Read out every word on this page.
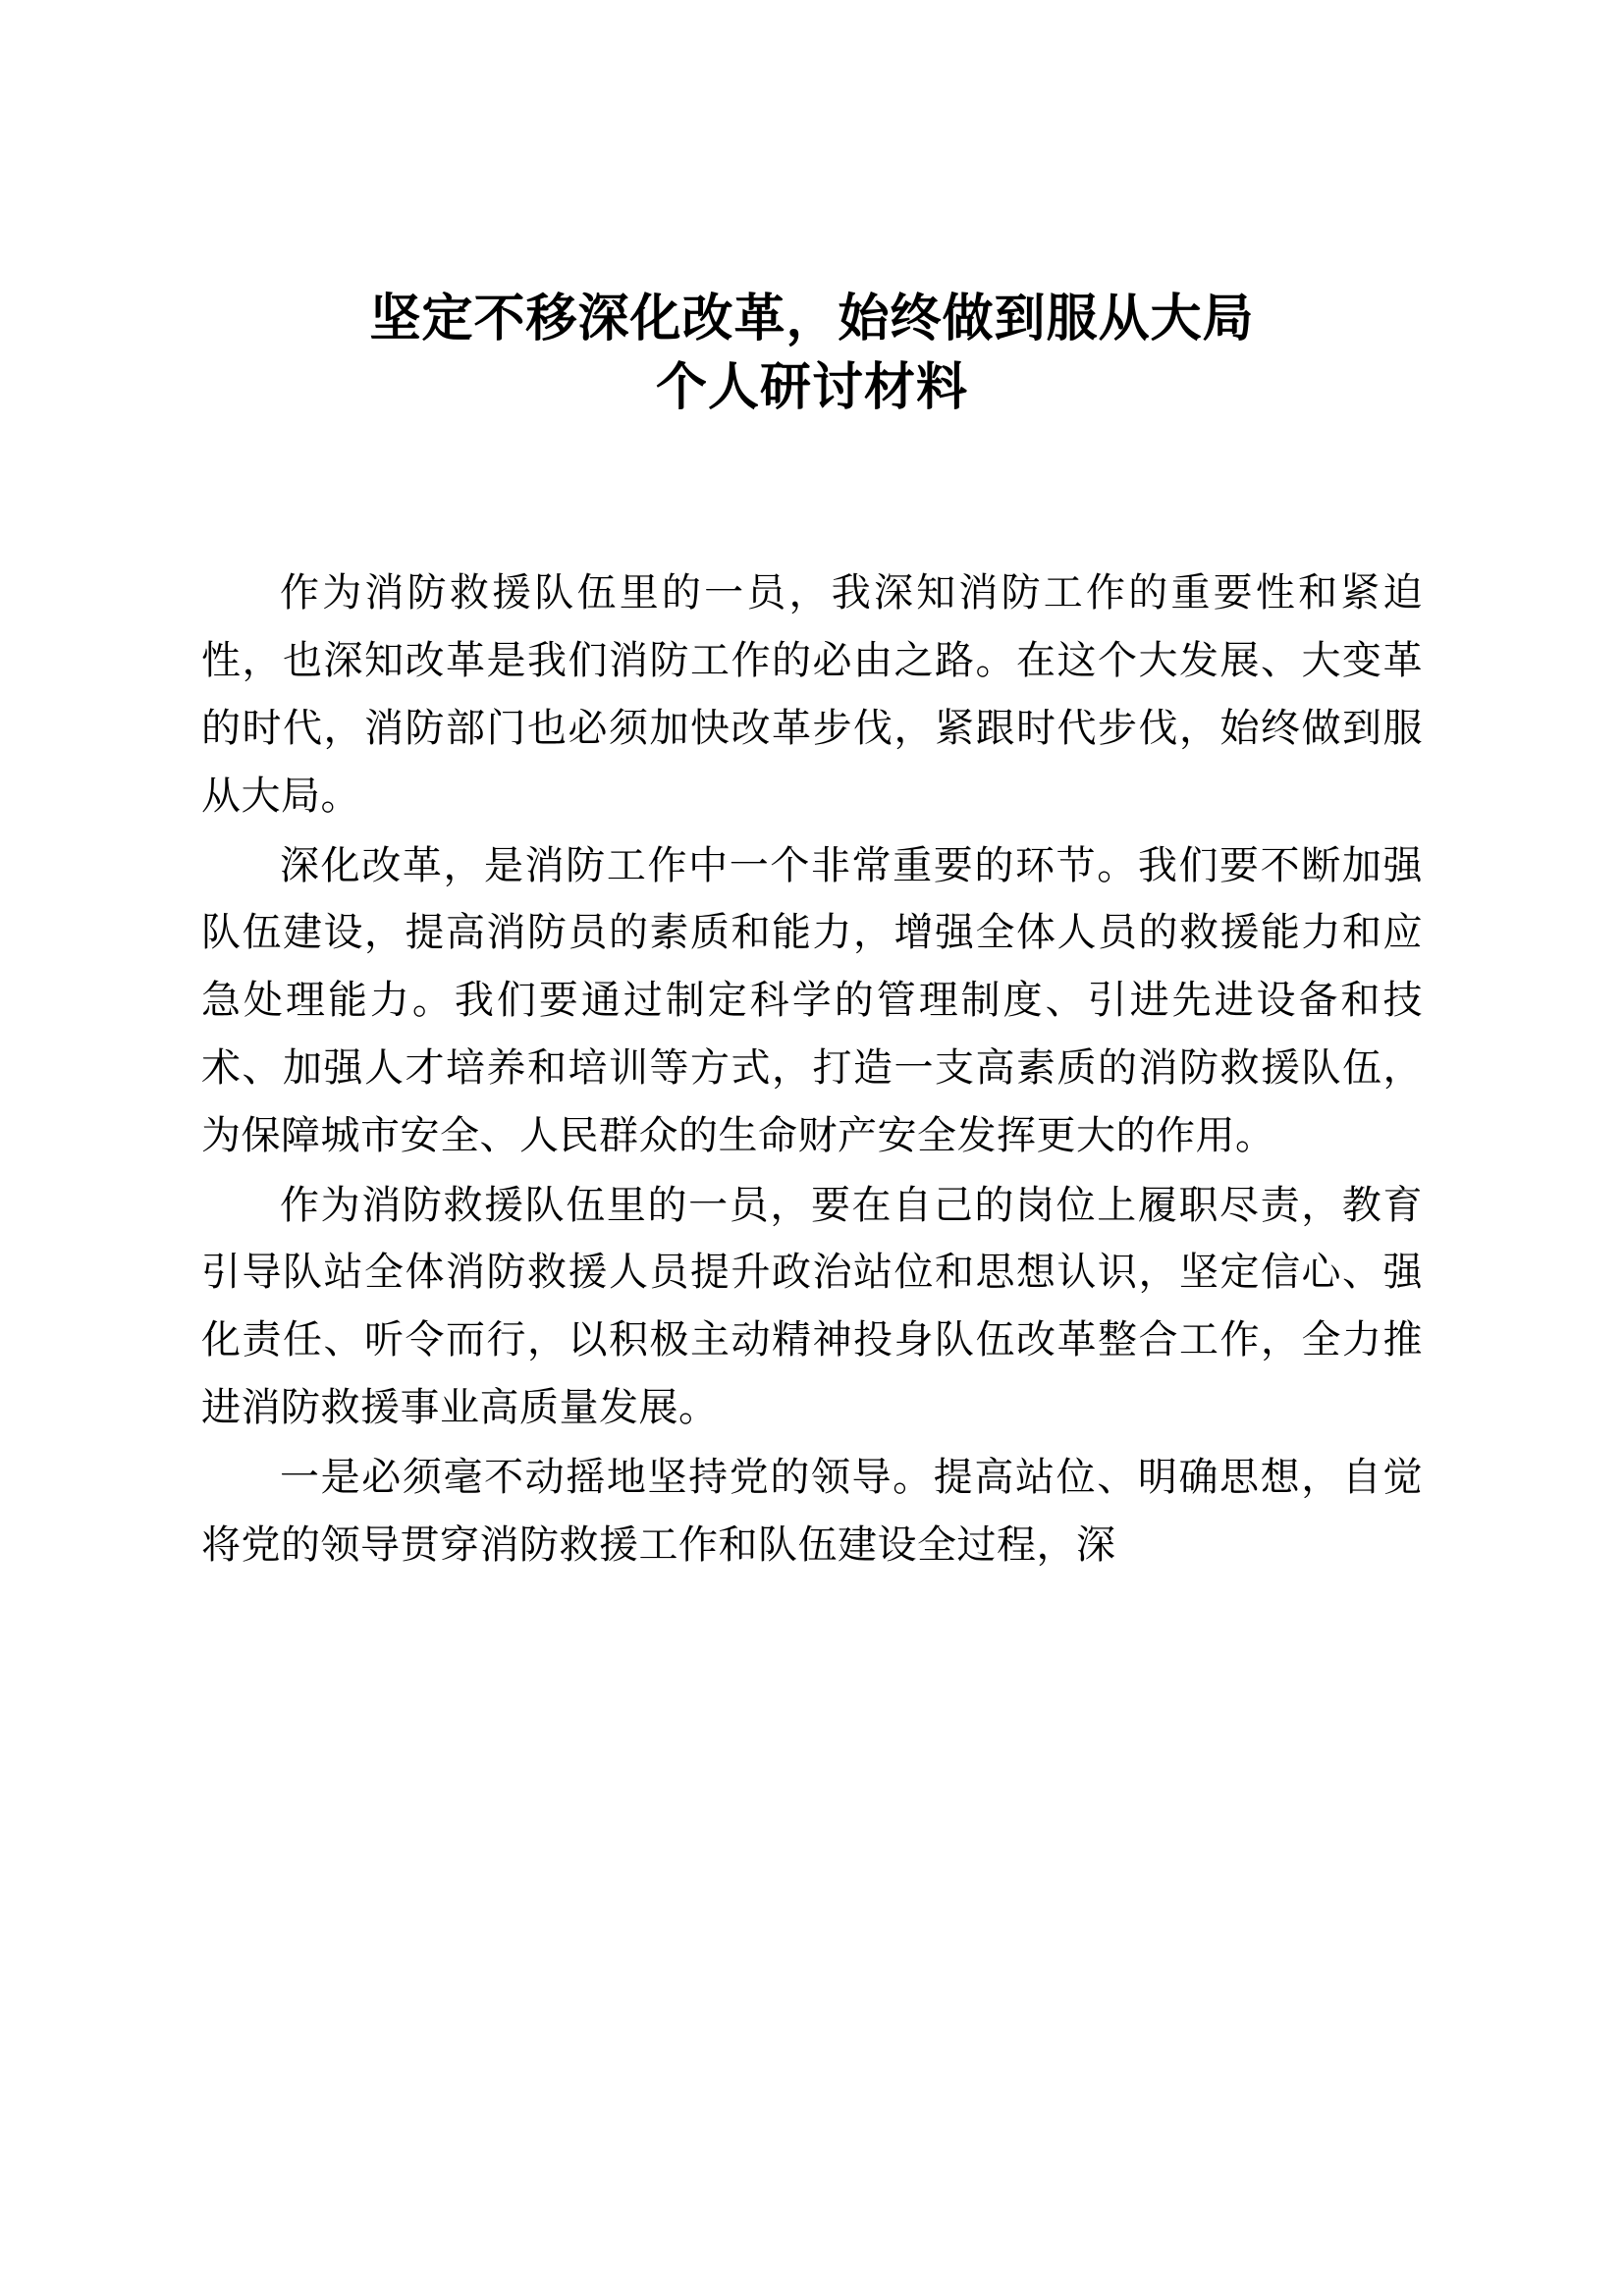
坚定不移深化改革，始终做到服从大局
个人研讨材料

作为消防救援队伍里的一员，我深知消防工作的重要性和紧迫性，也深知改革是我们消防工作的必由之路。在这个大发展、大变革的时代，消防部门也必须加快改革步伐，紧跟时代步伐，始终做到服从大局。

深化改革，是消防工作中一个非常重要的环节。我们要不断加强队伍建设，提高消防员的素质和能力，增强全体人员的救援能力和应急处理能力。我们要通过制定科学的管理制度、引进先进设备和技术、加强人才培养和培训等方式，打造一支高素质的消防救援队伍，为保障城市安全、人民群众的生命财产安全发挥更大的作用。

作为消防救援队伍里的一员，要在自己的岗位上履职尽责，教育引导队站全体消防救援人员提升政治站位和思想认识，坚定信心、强化责任、听令而行，以积极主动精神投身队伍改革整合工作，全力推进消防救援事业高质量发展。

一是必须毫不动摇地坚持党的领导。提高站位、明确思想，自觉将党的领导贯穿消防救援工作和队伍建设全过程，深
